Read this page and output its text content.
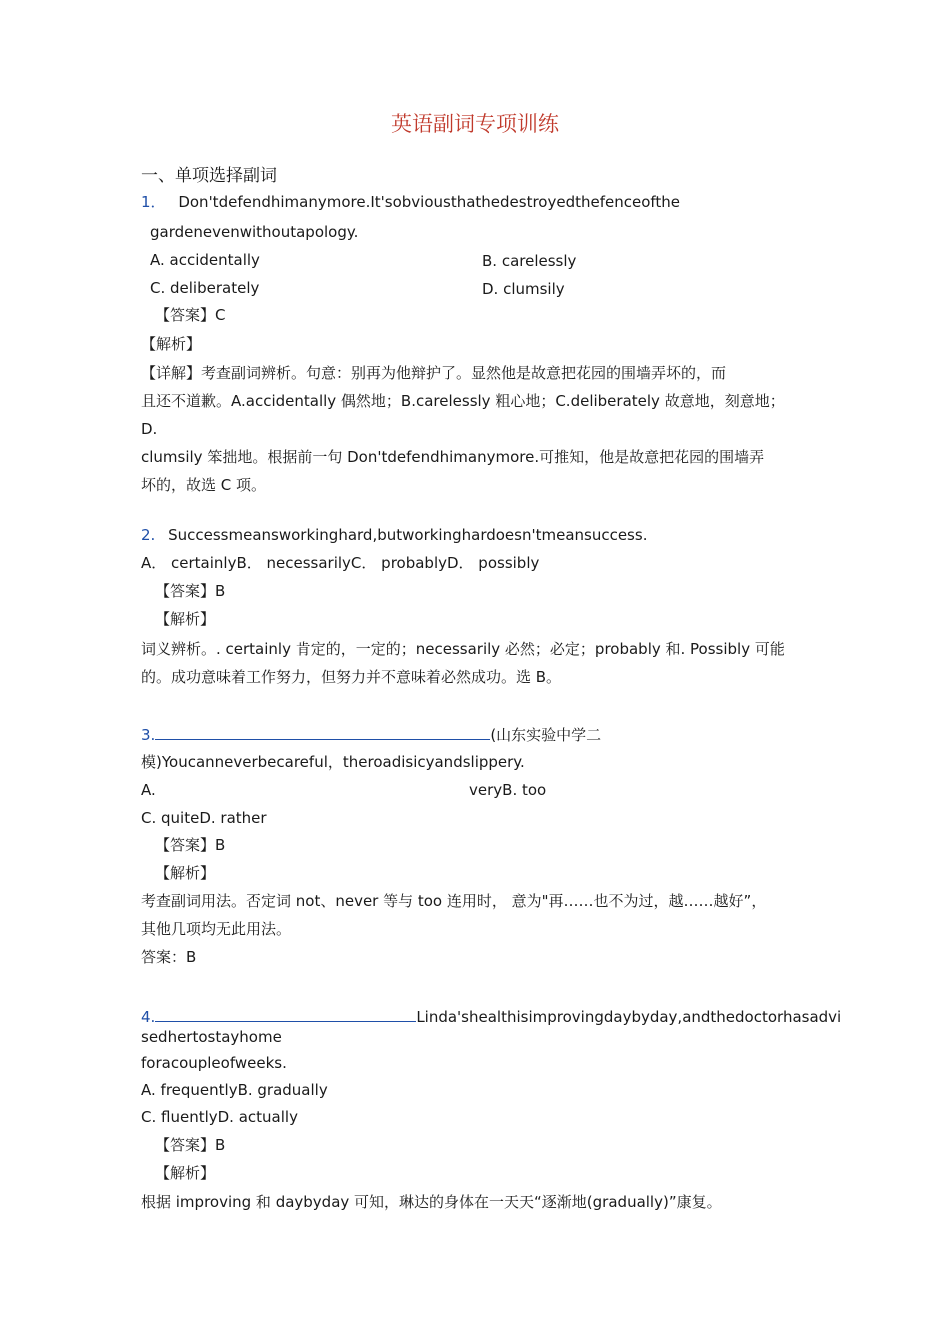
英语副词专项训练
一、单项选择副词
1． Don'tdefendhimanymore.It'sobviousthathedestroyedthefenceofthe
gardenevenwithoutapology.
A. accidentally	B. carelessly
C. deliberately	D. clumsily
【答案】C
【解析】
【详解】考查副词辨析。句意：别再为他辩护了。显然他是故意把花园的围墙弄坏的，而
且还不道歉。A.accidentally 偶然地；B.carelessly 粗心地；C.deliberately 故意地，刻意地；
D.
clumsily 笨拙地。根据前一句 Don'tdefendhimanymore.可推知，他是故意把花园的围墙弄
坏的，故选 C 项。
2. Successmeansworkinghard,butworkinghardoesn'tmeansuccess.
A． certainlyB． necessarilyC． probablyD． possibly
【答案】B
【解析】
词义辨析。. certainly 肯定的，一定的；necessarily 必然；必定；probably 和. Possibly 可能
的。成功意味着工作努力，但努力并不意味着必然成功。选 B。
3.	(山东实验中学二
模)Youcanneverbecareful，theroadisicyandslippery.
A.	veryB. too
C. quiteD. rather
【答案】B
【解析】
考查副词用法。否定词 not、never 等与 too 连用时， 意为"再……也不为过，越……越好”，
其他几项均无此用法。
答案：B
4.	Linda'shealthisimprovingdaybyday,andthedoctorhasadvi
sedhertostayhome
foracoupleofweeks.
A. frequentlyB. gradually
C. fluentlyD. actually
【答案】B
【解析】
根据 improving 和 daybyday 可知，琳达的身体在一天天“逐渐地(gradually)”康复。
